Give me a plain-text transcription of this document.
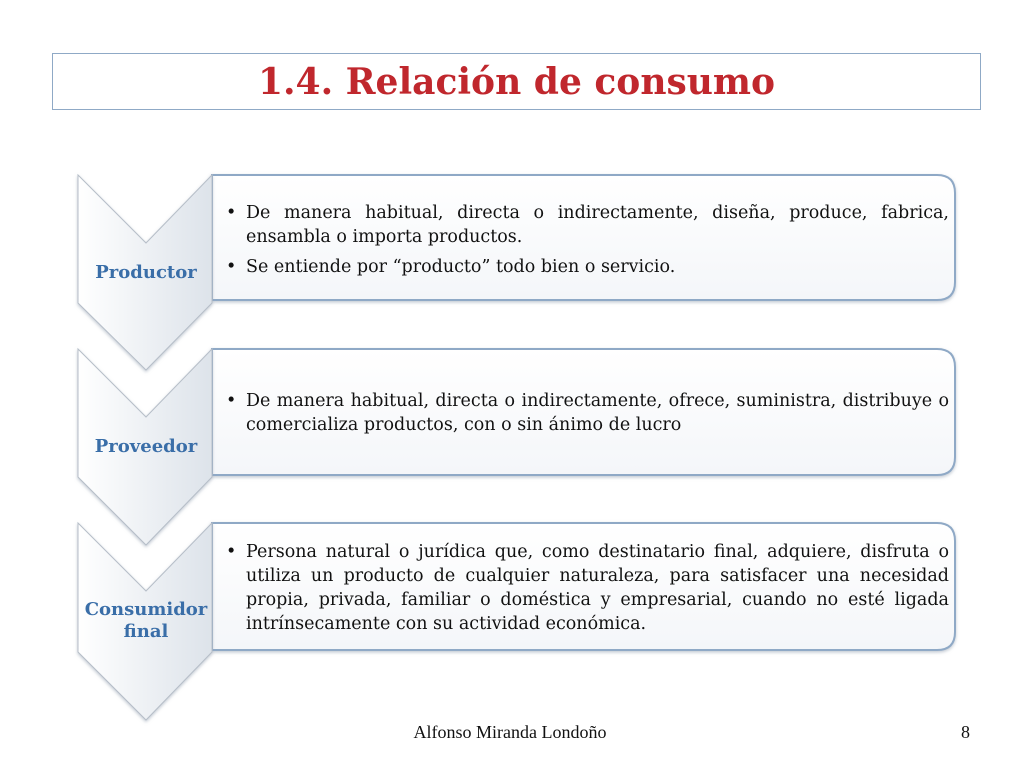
1.4. Relación de consumo
Productor
Proveedor
Consumidor final
• De manera habitual, directa o indirectamente, diseña, produce, fabrica, ensambla o importa productos.
• Se entiende por “producto” todo bien o servicio.
• De manera habitual, directa o indirectamente, ofrece, suministra, distribuye o comercializa productos, con o sin ánimo de lucro
• Persona natural o jurídica que, como destinatario final, adquiere, disfruta o utiliza un producto de cualquier naturaleza, para satisfacer una necesidad propia, privada, familiar o doméstica y empresarial, cuando no esté ligada intrínsecamente con su actividad económica.
Alfonso Miranda Londoño	8
